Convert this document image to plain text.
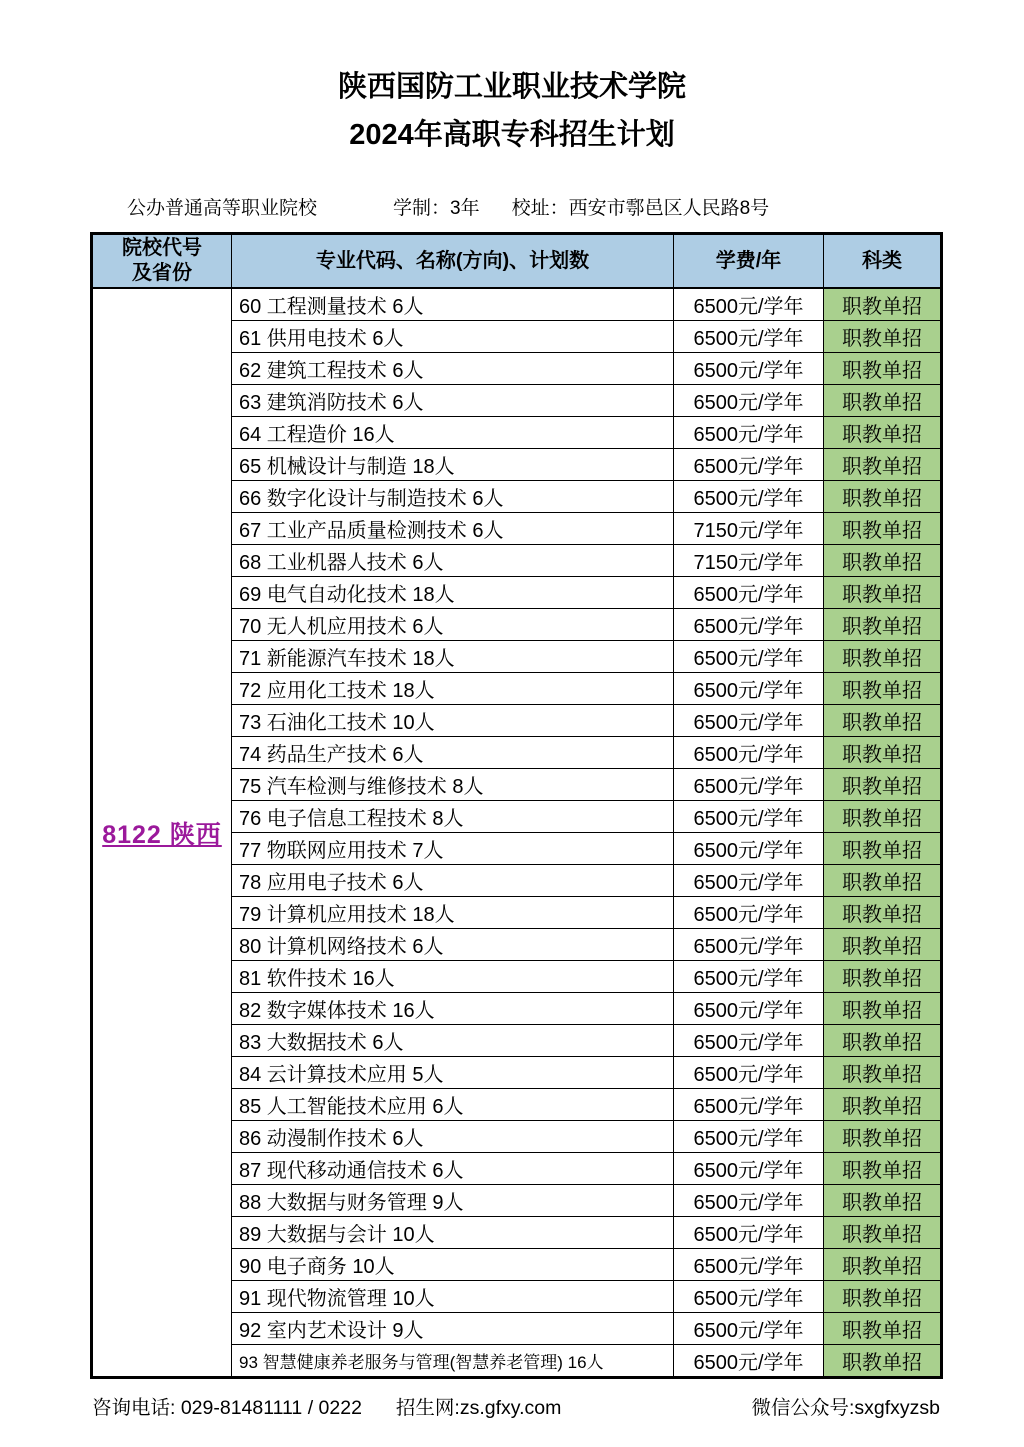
陕西国防工业职业技术学院
2024年高职专科招生计划
公办普通高等职业院校	学制：3年 校址：西安市鄠邑区人民路8号
院校代号
及省份	专业代码、名称(方向)、计划数	学费/年	科类
8122 陕西	60 工程测量技术 6人	6500元/学年	职教单招
	61 供用电技术 6人	6500元/学年	职教单招
	62 建筑工程技术 6人	6500元/学年	职教单招
	63 建筑消防技术 6人	6500元/学年	职教单招
	64 工程造价 16人	6500元/学年	职教单招
	65 机械设计与制造 18人	6500元/学年	职教单招
	66 数字化设计与制造技术 6人	6500元/学年	职教单招
	67 工业产品质量检测技术 6人	7150元/学年	职教单招
	68 工业机器人技术 6人	7150元/学年	职教单招
	69 电气自动化技术 18人	6500元/学年	职教单招
	70 无人机应用技术 6人	6500元/学年	职教单招
	71 新能源汽车技术 18人	6500元/学年	职教单招
	72 应用化工技术 18人	6500元/学年	职教单招
	73 石油化工技术 10人	6500元/学年	职教单招
	74 药品生产技术 6人	6500元/学年	职教单招
	75 汽车检测与维修技术 8人	6500元/学年	职教单招
	76 电子信息工程技术 8人	6500元/学年	职教单招
	77 物联网应用技术 7人	6500元/学年	职教单招
	78 应用电子技术 6人	6500元/学年	职教单招
	79 计算机应用技术 18人	6500元/学年	职教单招
	80 计算机网络技术 6人	6500元/学年	职教单招
	81 软件技术 16人	6500元/学年	职教单招
	82 数字媒体技术 16人	6500元/学年	职教单招
	83 大数据技术 6人	6500元/学年	职教单招
	84 云计算技术应用 5人	6500元/学年	职教单招
	85 人工智能技术应用 6人	6500元/学年	职教单招
	86 动漫制作技术 6人	6500元/学年	职教单招
	87 现代移动通信技术 6人	6500元/学年	职教单招
	88 大数据与财务管理 9人	6500元/学年	职教单招
	89 大数据与会计 10人	6500元/学年	职教单招
	90 电子商务 10人	6500元/学年	职教单招
	91 现代物流管理 10人	6500元/学年	职教单招
	92 室内艺术设计 9人	6500元/学年	职教单招
	93 智慧健康养老服务与管理(智慧养老管理) 16人	6500元/学年	职教单招
咨询电话: 029-81481111 / 0222 招生网:zs.gfxy.com	微信公众号:sxgfxyzsb
